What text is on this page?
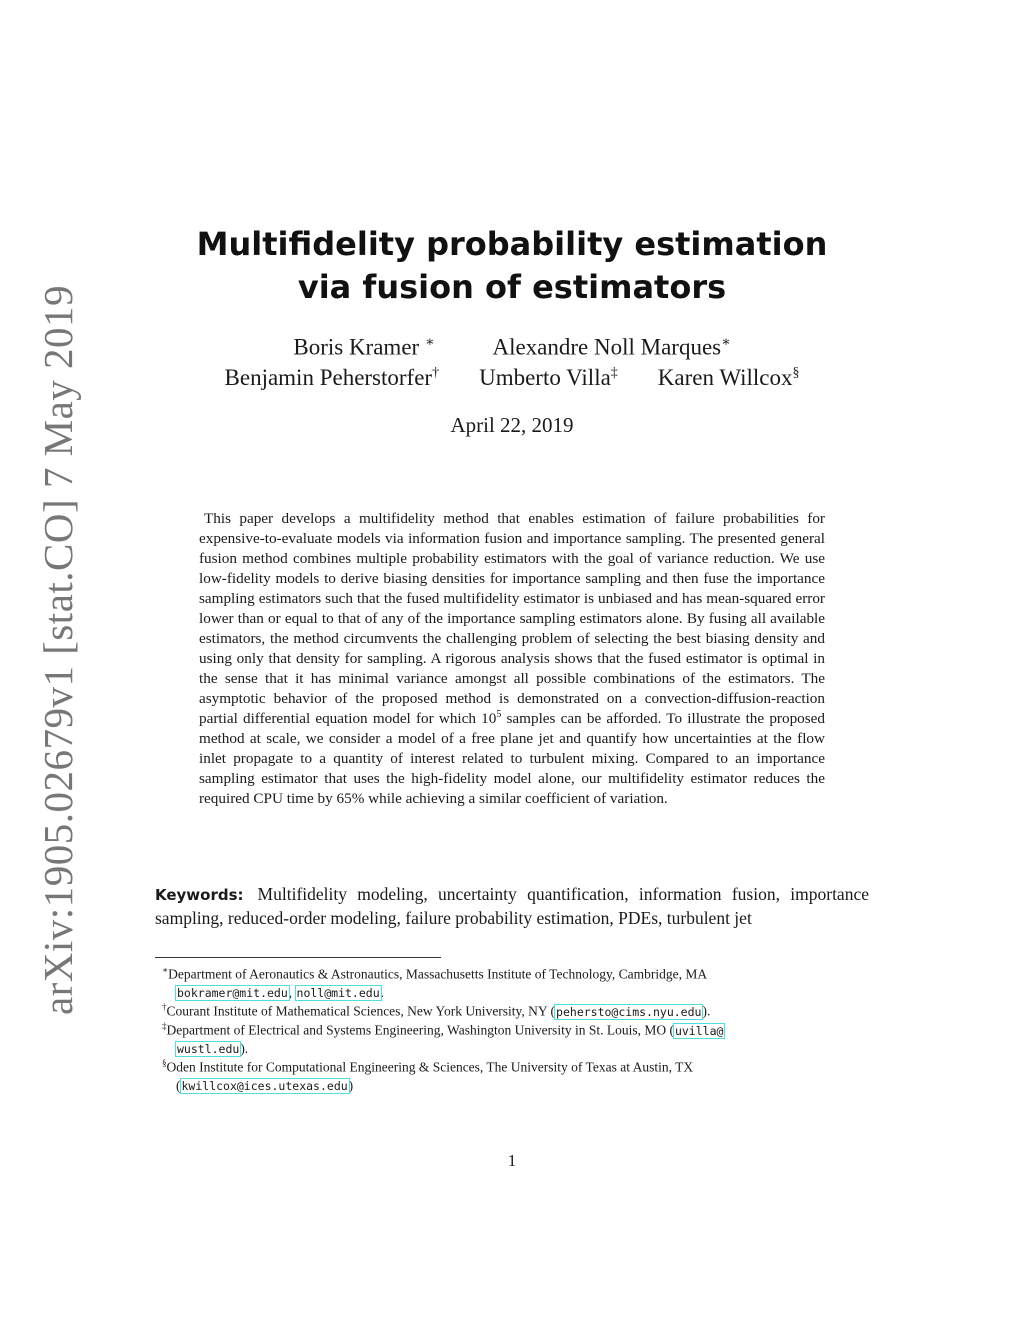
arXiv:1905.02679v1 [stat.CO] 7 May 2019
Multifidelity probability estimation
via fusion of estimators
Boris Kramer ∗	Alexandre Noll Marques∗
Benjamin Peherstorfer† Umberto Villa‡ Karen Willcox§
April 22, 2019

This paper develops a multifidelity method that enables estimation of failure probabilities for expensive-to-evaluate models via information fusion and importance sampling. The presented general fusion method combines multiple probability estimators with the goal of variance reduction. We use low-fidelity models to derive biasing densities for importance sampling and then fuse the importance sampling estimators such that the fused multifidelity estimator is unbiased and has mean-squared error lower than or equal to that of any of the importance sampling estimators alone. By fusing all available estimators, the method circumvents the challenging problem of selecting the best biasing density and using only that density for sampling. A rigorous analysis shows that the fused estimator is optimal in the sense that it has minimal variance amongst all possible combinations of the estimators. The asymptotic behavior of the proposed method is demonstrated on a convection-diffusion-reaction partial differential equation model for which $10^5$ samples can be afforded. To illustrate the proposed method at scale, we consider a model of a free plane jet and quantify how uncertainties at the flow inlet propagate to a quantity of interest related to turbulent mixing. Compared to an importance sampling estimator that uses the high-fidelity model alone, our multifidelity estimator reduces the required CPU time by 65% while achieving a similar coefficient of variation.

Keywords: Multifidelity modeling, uncertainty quantification, information fusion, importance sampling, reduced-order modeling, failure probability estimation, PDEs, turbulent jet

∗Department of Aeronautics & Astronautics, Massachusetts Institute of Technology, Cambridge, MA
bokramer@mit.edu, noll@mit.edu.

†Courant Institute of Mathematical Sciences, New York University, NY (pehersto@cims.nyu.edu).

‡Department of Electrical and Systems Engineering, Washington University in St. Louis, MO (uvilla@
wustl.edu).

§Oden Institute for Computational Engineering & Sciences, The University of Texas at Austin, TX
(kwillcox@ices.utexas.edu)

1
